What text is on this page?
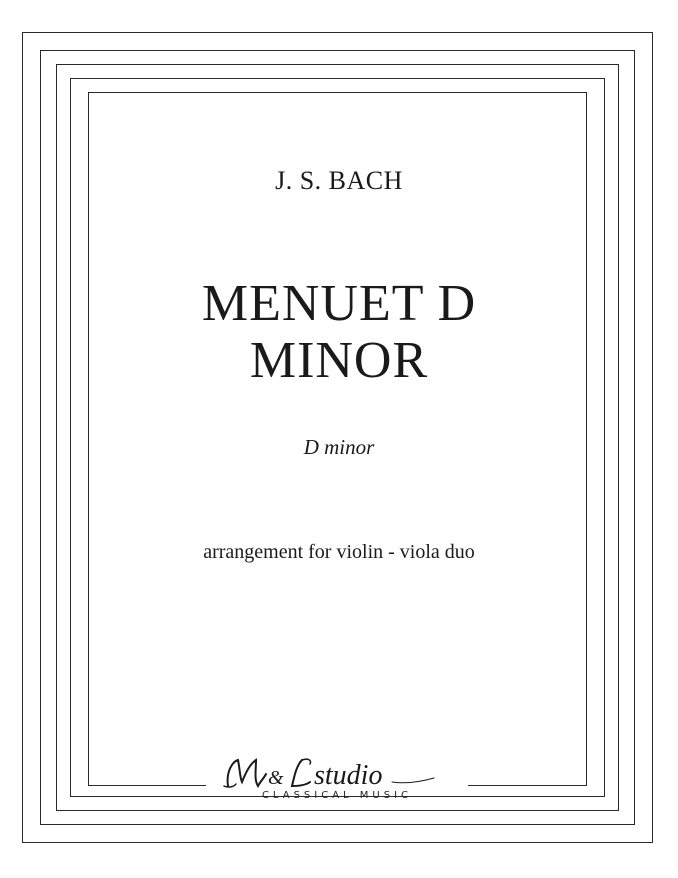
J. S. BACH
MENUET D
MINOR
D minor
arrangement for violin - viola duo
& studio
CLASSICAL MUSIC
